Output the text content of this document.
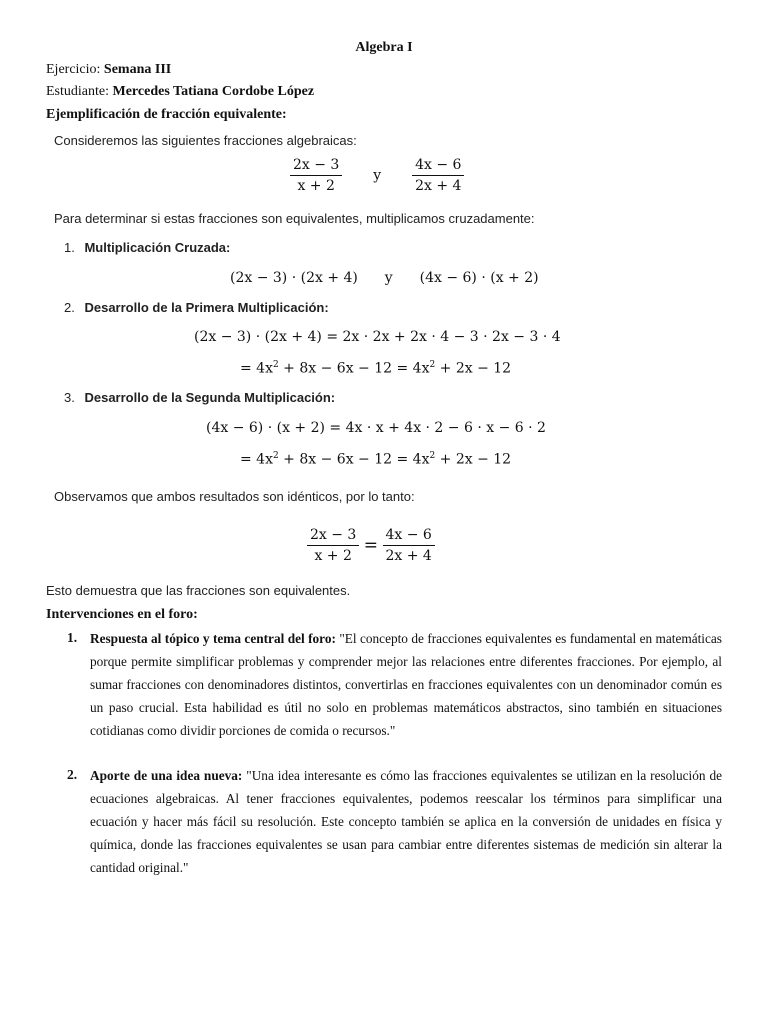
Algebra I
Ejercicio: Semana III
Estudiante: Mercedes Tatiana Cordobe López
Ejemplificación de fracción equivalente:
Consideremos las siguientes fracciones algebraicas:
$\frac{2x - 3}{x + 2}$ y $\frac{4x - 6}{2x + 4}$
Para determinar si estas fracciones son equivalentes, multiplicamos cruzadamente:
1. Multiplicación Cruzada:
(2x − 3) · (2x + 4) y (4x − 6) · (x + 2)
2. Desarrollo de la Primera Multiplicación:
(2x − 3) · (2x + 4) = 2x · 2x + 2x · 4 − 3 · 2x − 3 · 4
= $4x^2 + 8x - 6x - 12 = 4x^2 + 2x - 12$
3. Desarrollo de la Segunda Multiplicación:
(4x − 6) · (x + 2) = 4x · x + 4x · 2 − 6 · x − 6 · 2
= $4x^2 + 8x - 6x - 12 = 4x^2 + 2x - 12$
Observamos que ambos resultados son idénticos, por lo tanto:
$\frac{2x - 3}{x + 2} = \frac{4x - 6}{2x + 4}$
Esto demuestra que las fracciones son equivalentes.
Intervenciones en el foro:
1. Respuesta al tópico y tema central del foro: "El concepto de fracciones equivalentes es fundamental en matemáticas porque permite simplificar problemas y comprender mejor las relaciones entre diferentes fracciones. Por ejemplo, al sumar fracciones con denominadores distintos, convertirlas en fracciones equivalentes con un denominador común es un paso crucial. Esta habilidad es útil no solo en problemas matemáticos abstractos, sino también en situaciones cotidianas como dividir porciones de comida o recursos."
2. Aporte de una idea nueva: "Una idea interesante es cómo las fracciones equivalentes se utilizan en la resolución de ecuaciones algebraicas. Al tener fracciones equivalentes, podemos reescalar los términos para simplificar una ecuación y hacer más fácil su resolución. Este concepto también se aplica en la conversión de unidades en física y química, donde las fracciones equivalentes se usan para cambiar entre diferentes sistemas de medición sin alterar la cantidad original."
